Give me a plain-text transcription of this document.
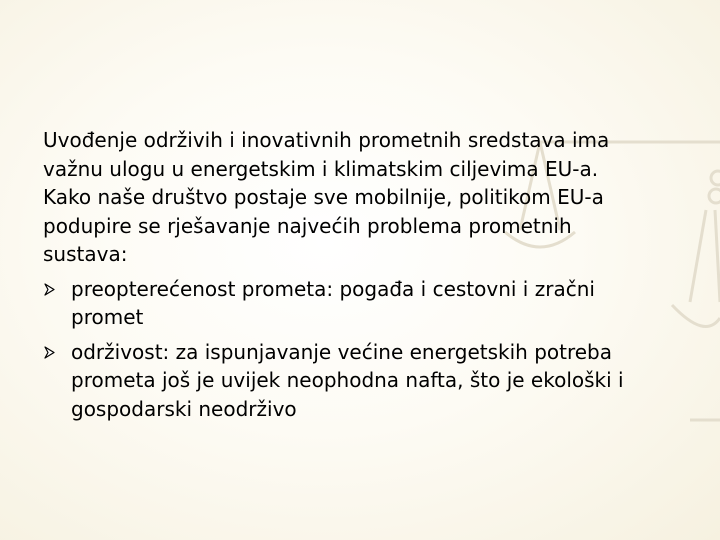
Uvođenje održivih i inovativnih prometnih sredstava ima
važnu ulogu u energetskim i klimatskim ciljevima EU-a.
Kako naše društvo postaje sve mobilnije, politikom EU-a
podupire se rješavanje najvećih problema prometnih
sustava:

preopterećenost prometa: pogađa i cestovni i zračni
promet
održivost: za ispunjavanje većine energetskih potreba
prometa još je uvijek neophodna nafta, što je ekološki i
gospodarski neodrživo
